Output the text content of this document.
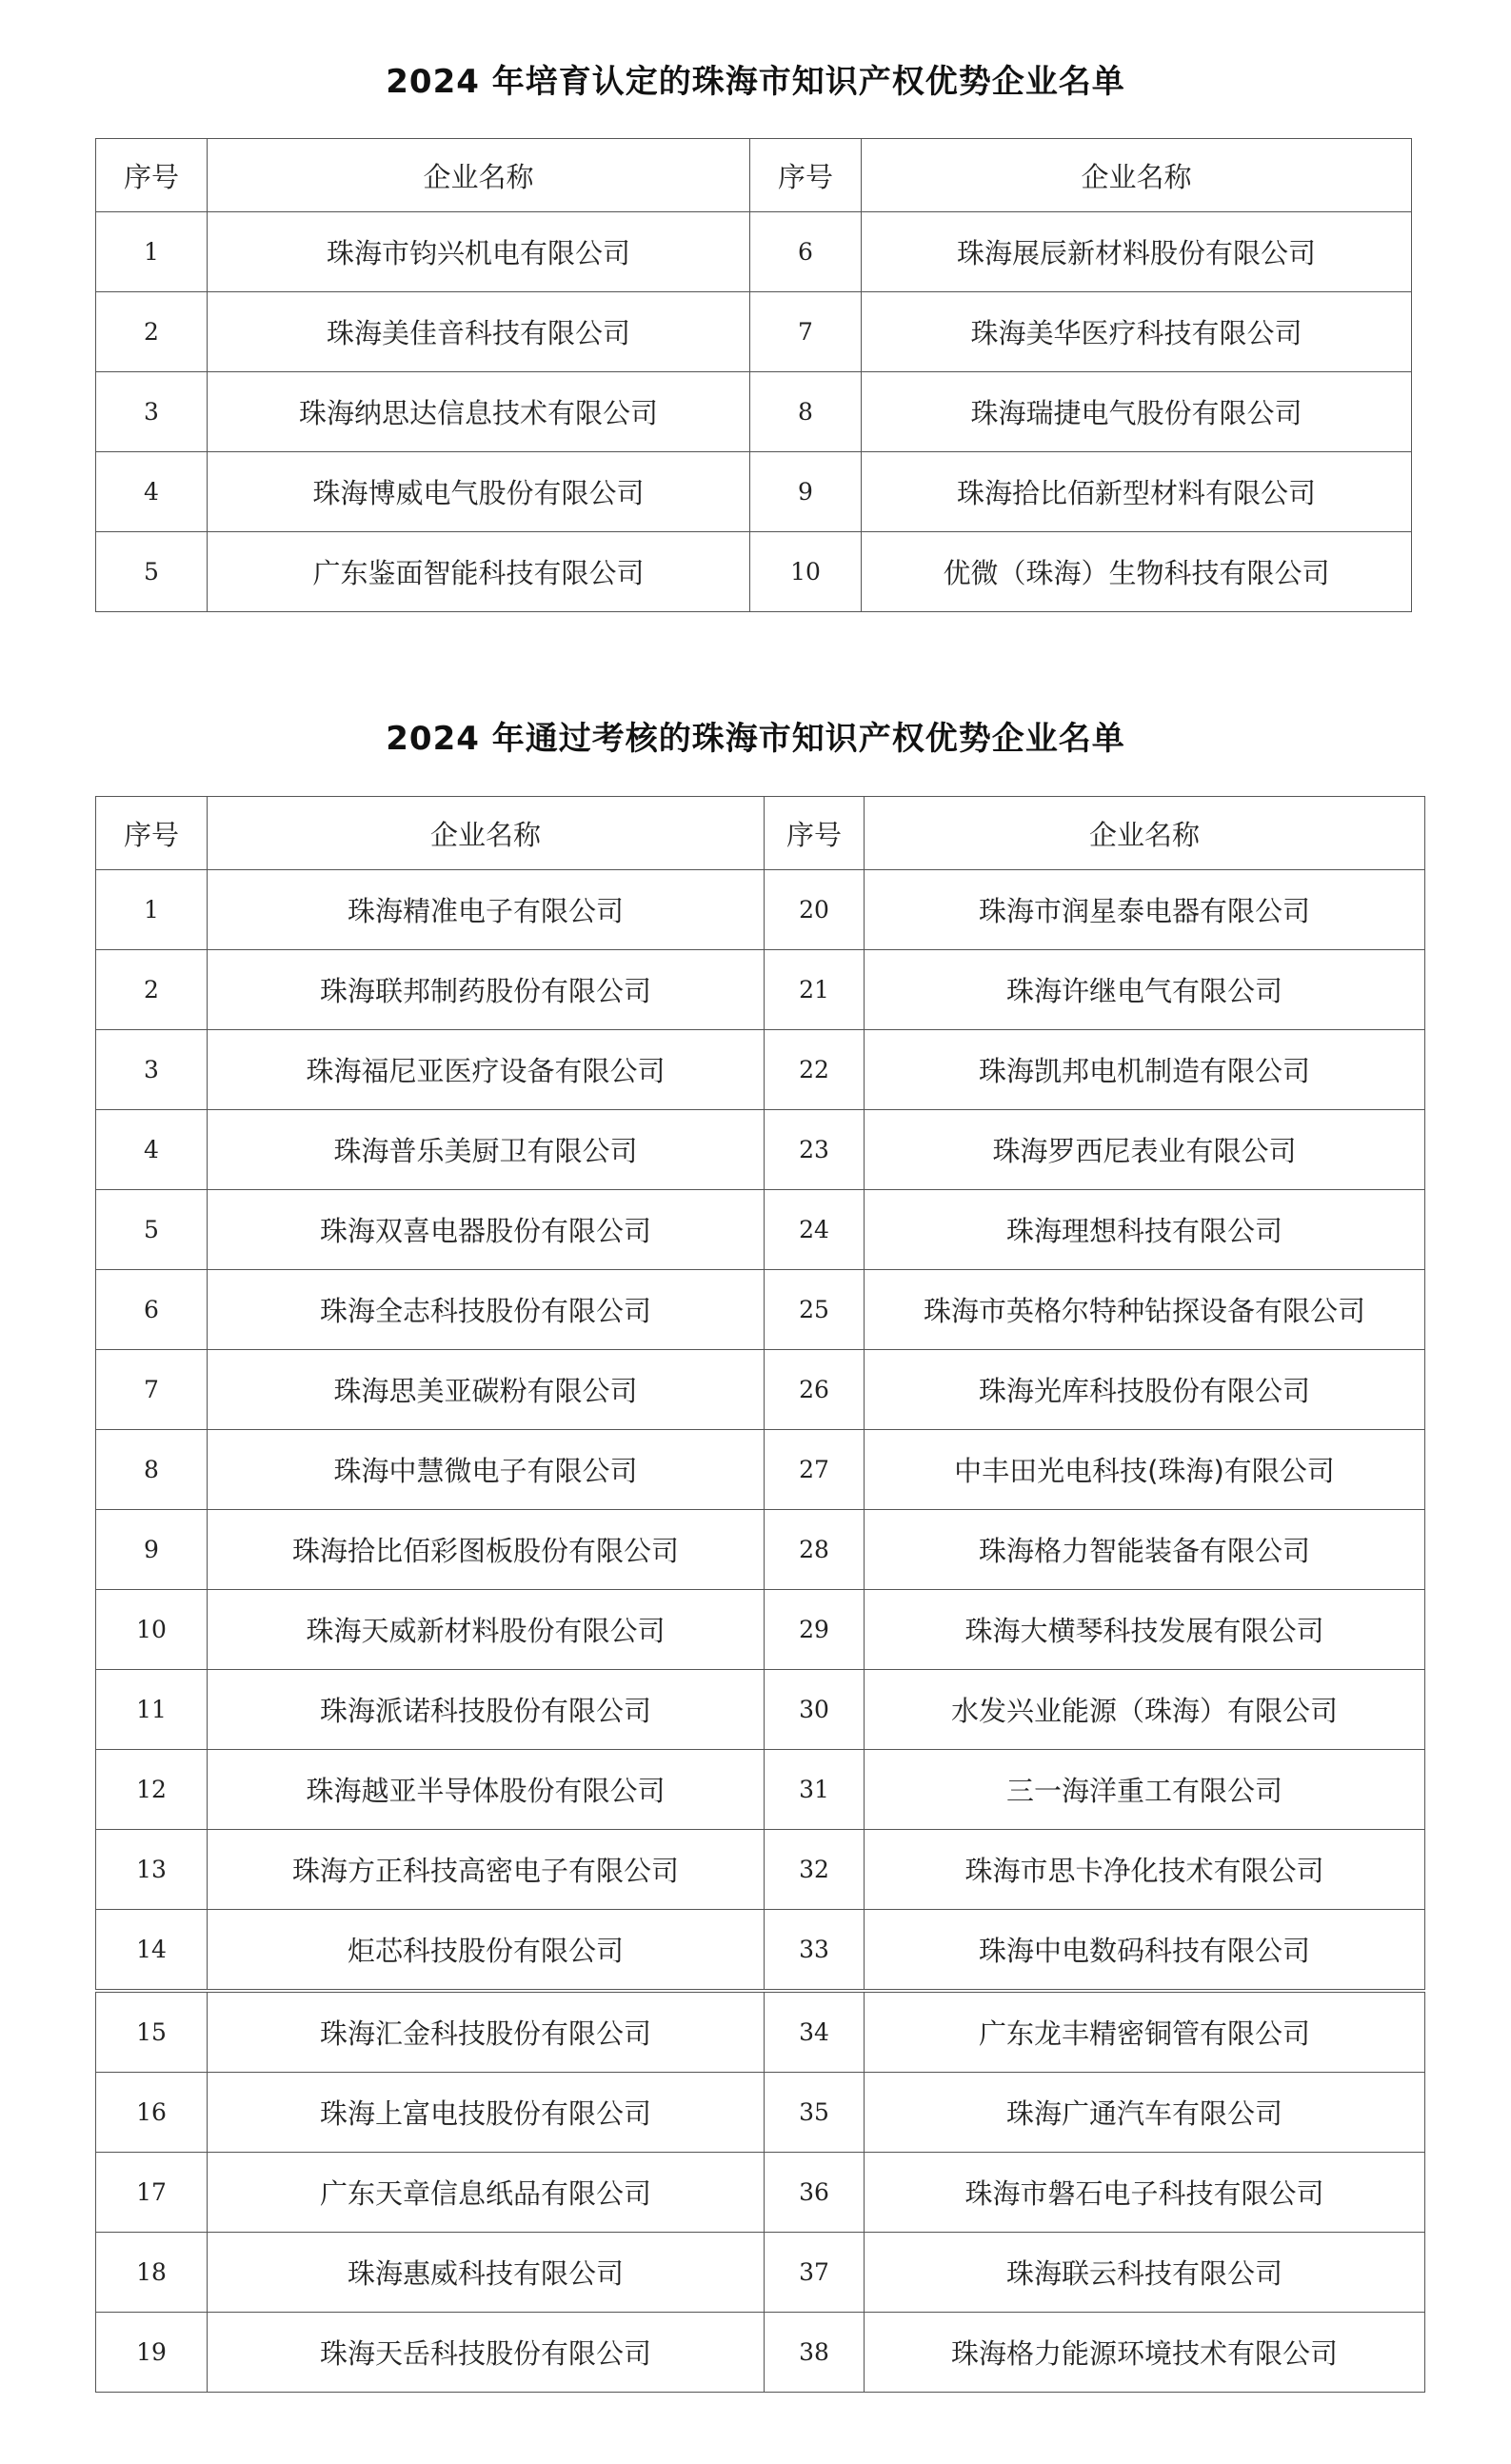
2024 年培育认定的珠海市知识产权优势企业名单
序号	企业名称	序号	企业名称
1	珠海市钧兴机电有限公司	6	珠海展辰新材料股份有限公司
2	珠海美佳音科技有限公司	7	珠海美华医疗科技有限公司
3	珠海纳思达信息技术有限公司	8	珠海瑞捷电气股份有限公司
4	珠海博威电气股份有限公司	9	珠海拾比佰新型材料有限公司
5	广东鉴面智能科技有限公司	10	优微（珠海）生物科技有限公司
2024 年通过考核的珠海市知识产权优势企业名单
序号	企业名称	序号	企业名称
1	珠海精准电子有限公司	20	珠海市润星泰电器有限公司
2	珠海联邦制药股份有限公司	21	珠海许继电气有限公司
3	珠海福尼亚医疗设备有限公司	22	珠海凯邦电机制造有限公司
4	珠海普乐美厨卫有限公司	23	珠海罗西尼表业有限公司
5	珠海双喜电器股份有限公司	24	珠海理想科技有限公司
6	珠海全志科技股份有限公司	25	珠海市英格尔特种钻探设备有限公司
7	珠海思美亚碳粉有限公司	26	珠海光库科技股份有限公司
8	珠海中慧微电子有限公司	27	中丰田光电科技(珠海)有限公司
9	珠海拾比佰彩图板股份有限公司	28	珠海格力智能装备有限公司
10	珠海天威新材料股份有限公司	29	珠海大横琴科技发展有限公司
11	珠海派诺科技股份有限公司	30	水发兴业能源（珠海）有限公司
12	珠海越亚半导体股份有限公司	31	三一海洋重工有限公司
13	珠海方正科技高密电子有限公司	32	珠海市思卡净化技术有限公司
14	炬芯科技股份有限公司	33	珠海中电数码科技有限公司
15	珠海汇金科技股份有限公司	34	广东龙丰精密铜管有限公司
16	珠海上富电技股份有限公司	35	珠海广通汽车有限公司
17	广东天章信息纸品有限公司	36	珠海市磐石电子科技有限公司
18	珠海惠威科技有限公司	37	珠海联云科技有限公司
19	珠海天岳科技股份有限公司	38	珠海格力能源环境技术有限公司
